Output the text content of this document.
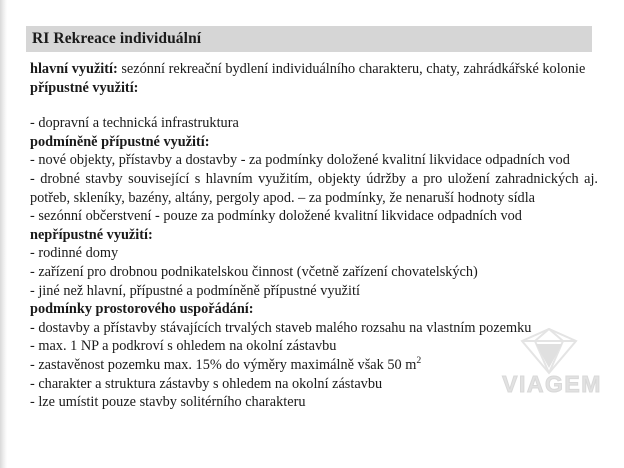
RI Rekreace individuální

hlavní využití: sezónní rekreační bydlení individuálního charakteru, chaty, zahrádkářské kolonie

přípustné využití:

- dopravní a technická infrastruktura

podmíněně přípustné využití:

- nové objekty, přístavby a dostavby - za podmínky doložené kvalitní likvidace odpadních vod

- drobné stavby související s hlavním využitím, objekty údržby a pro uložení zahradnických aj. potřeb, skleníky, bazény, altány, pergoly apod. – za podmínky, že nenaruší hodnoty sídla

- sezónní občerstvení - pouze za podmínky doložené kvalitní likvidace odpadních vod

nepřípustné využití:

- rodinné domy

- zařízení pro drobnou podnikatelskou činnost (včetně zařízení chovatelských)

- jiné než hlavní, přípustné a podmíněně přípustné využití

podmínky prostorového uspořádání:

- dostavby a přístavby stávajících trvalých staveb malého rozsahu na vlastním pozemku

- max. 1 NP a podkroví s ohledem na okolní zástavbu

- zastavěnost pozemku max. 15% do výměry maximálně však 50 $m^2$

- charakter a struktura zástavby s ohledem na okolní zástavbu

- lze umístit pouze stavby solitérního charakteru

VIAGEM
